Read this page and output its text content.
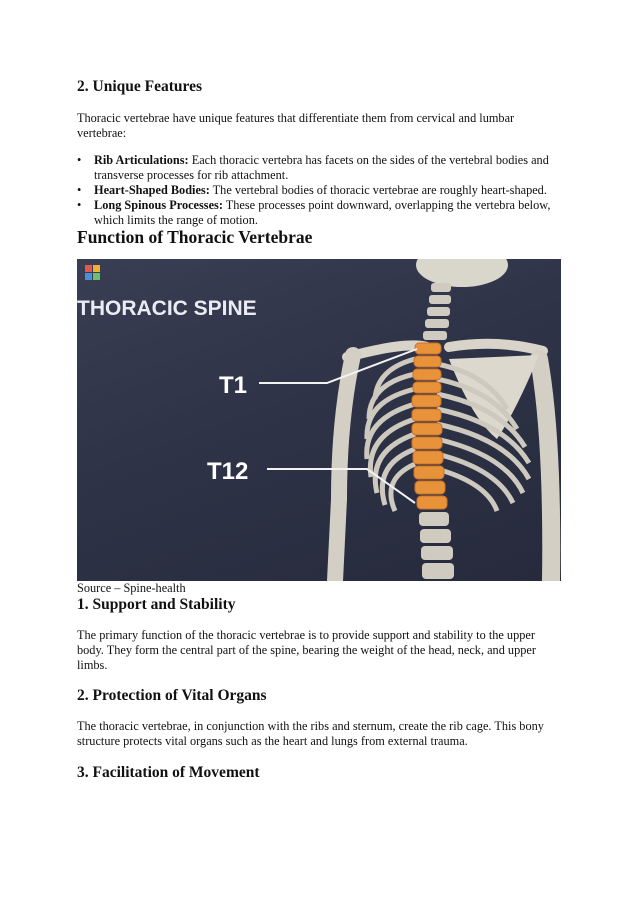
2. Unique Features

Thoracic vertebrae have unique features that differentiate them from cervical and lumbar
vertebrae:

• Rib Articulations: Each thoracic vertebra has facets on the sides of the vertebral bodies and
transverse processes for rib attachment.
• Heart-Shaped Bodies: The vertebral bodies of thoracic vertebrae are roughly heart-shaped.
• Long Spinous Processes: These processes point downward, overlapping the vertebra below,
which limits the range of motion.
Function of Thoracic Vertebrae
THORACIC SPINE
T1
T12
Source – Spine-health
1. Support and Stability

The primary function of the thoracic vertebrae is to provide support and stability to the upper
body. They form the central part of the spine, bearing the weight of the head, neck, and upper
limbs.

2. Protection of Vital Organs

The thoracic vertebrae, in conjunction with the ribs and sternum, create the rib cage. This bony
structure protects vital organs such as the heart and lungs from external trauma.

3. Facilitation of Movement
